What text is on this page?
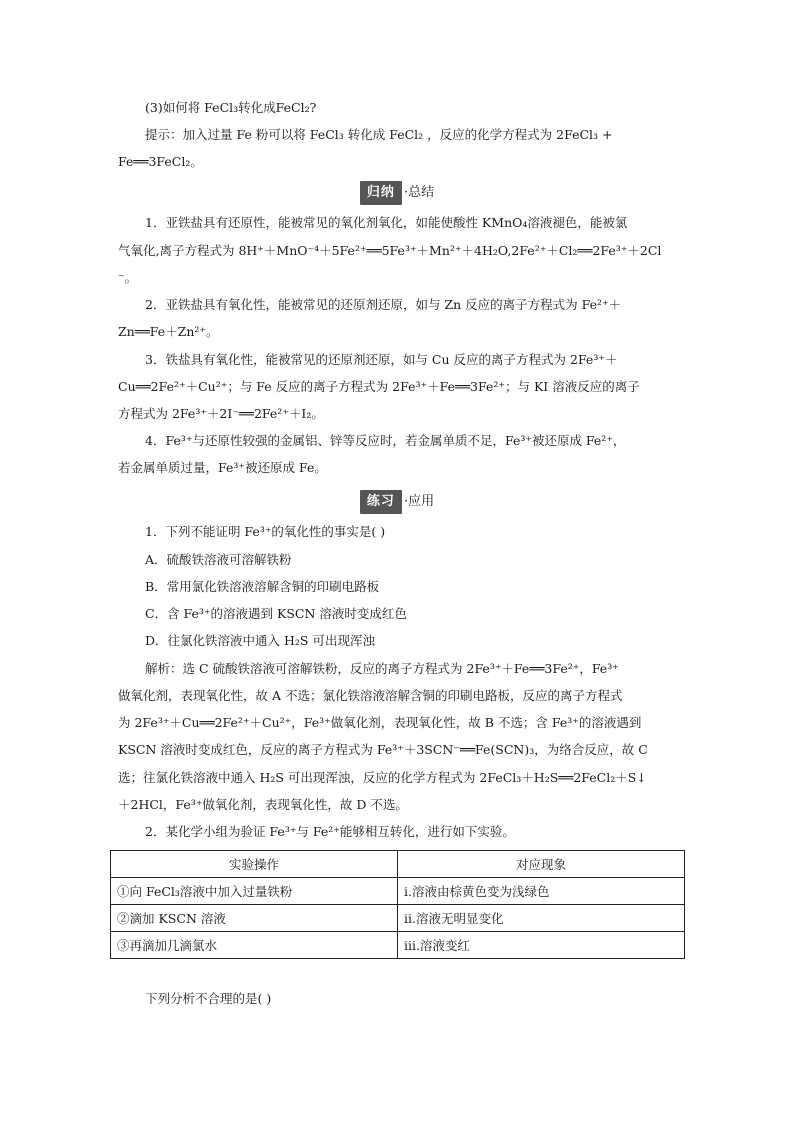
(3)如何将 FeCl₃转化成FeCl₂?
提示：加入过量 Fe 粉可以将 FeCl₃ 转化成 FeCl₂ ，反应的化学方程式为 2FeCl₃ +
Fe══3FeCl₂。
归纳 ·总结
1．亚铁盐具有还原性，能被常见的氧化剂氧化，如能使酸性 KMnO₄溶液褪色，能被氯
气氧化,离子方程式为 8H⁺＋MnO⁻⁴＋5Fe²⁺══5Fe³⁺＋Mn²⁺＋4H₂O,2Fe²⁺＋Cl₂══2Fe³⁺＋2Cl
⁻。
2．亚铁盐具有氧化性，能被常见的还原剂还原，如与 Zn 反应的离子方程式为 Fe²⁺＋
Zn══Fe＋Zn²⁺。
3．铁盐具有氧化性，能被常见的还原剂还原，如与 Cu 反应的离子方程式为 2Fe³⁺＋
Cu══2Fe²⁺＋Cu²⁺；与 Fe 反应的离子方程式为 2Fe³⁺＋Fe══3Fe²⁺；与 KI 溶液反应的离子
方程式为 2Fe³⁺＋2I⁻══2Fe²⁺＋I₂。
4．Fe³⁺与还原性较强的金属铝、锌等反应时，若金属单质不足，Fe³⁺被还原成 Fe²⁺，
若金属单质过量，Fe³⁺被还原成 Fe。
练习 ·应用
1．下列不能证明 Fe³⁺的氧化性的事实是( )
A．硫酸铁溶液可溶解铁粉
B．常用氯化铁溶液溶解含铜的印刷电路板
C．含 Fe³⁺的溶液遇到 KSCN 溶液时变成红色
D．往氯化铁溶液中通入 H₂S 可出现浑浊
解析：选 C 硫酸铁溶液可溶解铁粉，反应的离子方程式为 2Fe³⁺＋Fe══3Fe²⁺，Fe³⁺
做氧化剂，表现氧化性，故 A 不选；氯化铁溶液溶解含铜的印刷电路板，反应的离子方程式
为 2Fe³⁺＋Cu══2Fe²⁺＋Cu²⁺，Fe³⁺做氧化剂，表现氧化性，故 B 不选；含 Fe³⁺的溶液遇到
KSCN 溶液时变成红色，反应的离子方程式为 Fe³⁺＋3SCN⁻══Fe(SCN)₃，为络合反应，故 C
选；往氯化铁溶液中通入 H₂S 可出现浑浊，反应的化学方程式为 2FeCl₃＋H₂S══2FeCl₂＋S↓
＋2HCl，Fe³⁺做氧化剂，表现氧化性，故 D 不选。
2．某化学小组为验证 Fe³⁺与 Fe²⁺能够相互转化，进行如下实验。
实验操作	对应现象
①向 FeCl₃溶液中加入过量铁粉	ⅰ.溶液由棕黄色变为浅绿色
②滴加 KSCN 溶液	ⅱ.溶液无明显变化
③再滴加几滴氯水	ⅲ.溶液变红
下列分析不合理的是( )
